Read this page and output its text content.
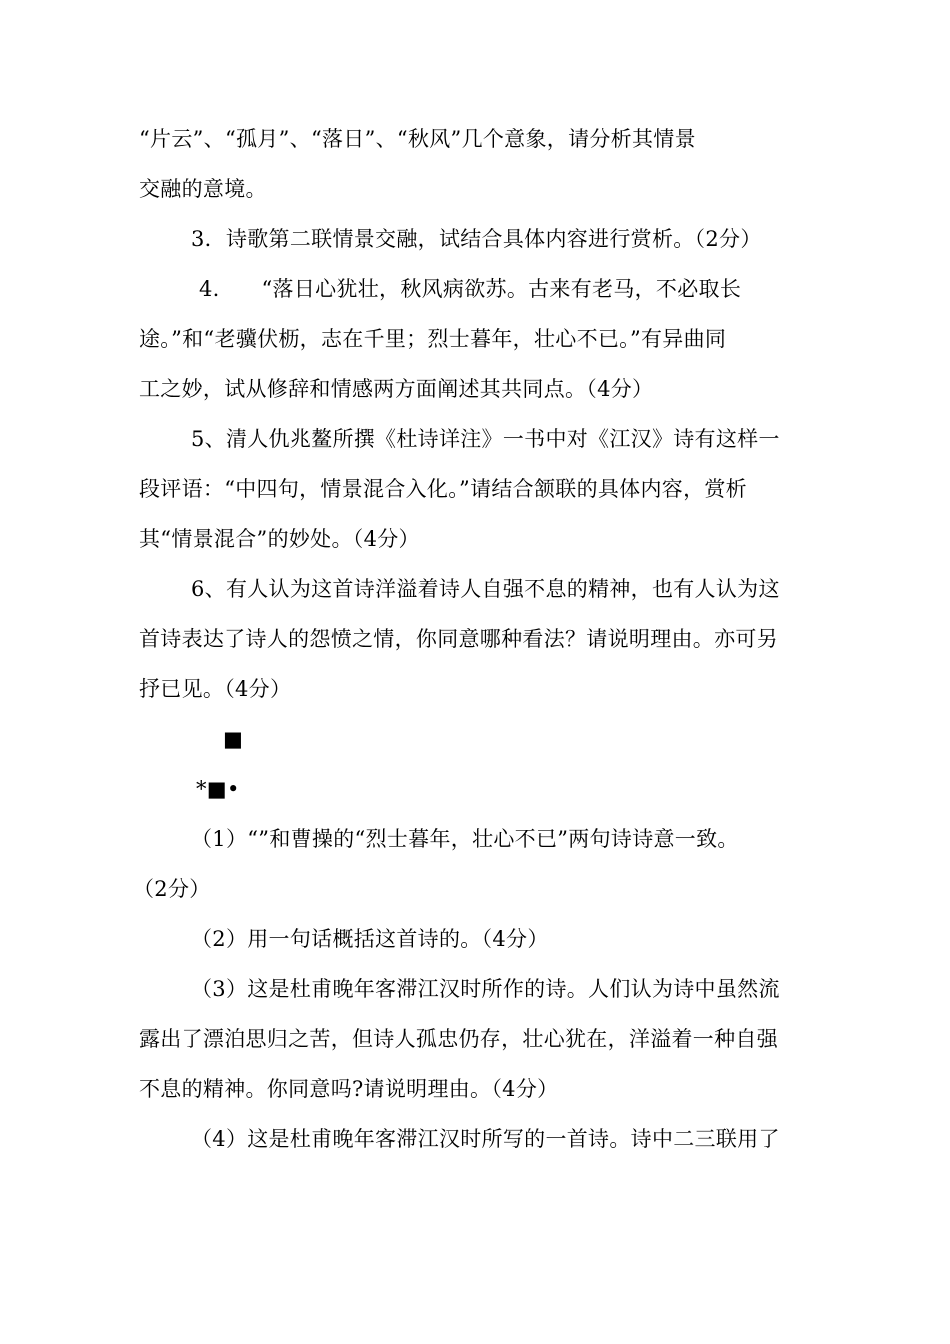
“片云”、“孤月”、“落日”、“秋风”几个意象，请分析其情景
交融的意境。
3．诗歌第二联情景交融，试结合具体内容进行赏析。（2分）
4.      “落日心犹壮，秋风病欲苏。古来有老马，不必取长
途。”和“老骥伏枥，志在千里；烈士暮年，壮心不已。”有异曲同
工之妙，试从修辞和情感两方面阐述其共同点。（4分）
5、清人仇兆鳌所撰《杜诗详注》一书中对《江汉》诗有这样一
段评语：“中四句，情景混合入化。”请结合颔联的具体内容，赏析
其“情景混合”的妙处。（4分）
6、有人认为这首诗洋溢着诗人自强不息的精神，也有人认为这
首诗表达了诗人的怨愤之情，你同意哪种看法？请说明理由。亦可另
抒已见。（4分）
■
*■•
（1）“”和曹操的“烈士暮年，壮心不已”两句诗诗意一致。
（2分）
（2）用一句话概括这首诗的。（4分）
（3）这是杜甫晚年客滞江汉时所作的诗。人们认为诗中虽然流
露出了漂泊思归之苦，但诗人孤忠仍存，壮心犹在，洋溢着一种自强
不息的精神。你同意吗?请说明理由。（4分）
（4）这是杜甫晚年客滞江汉时所写的一首诗。诗中二三联用了
